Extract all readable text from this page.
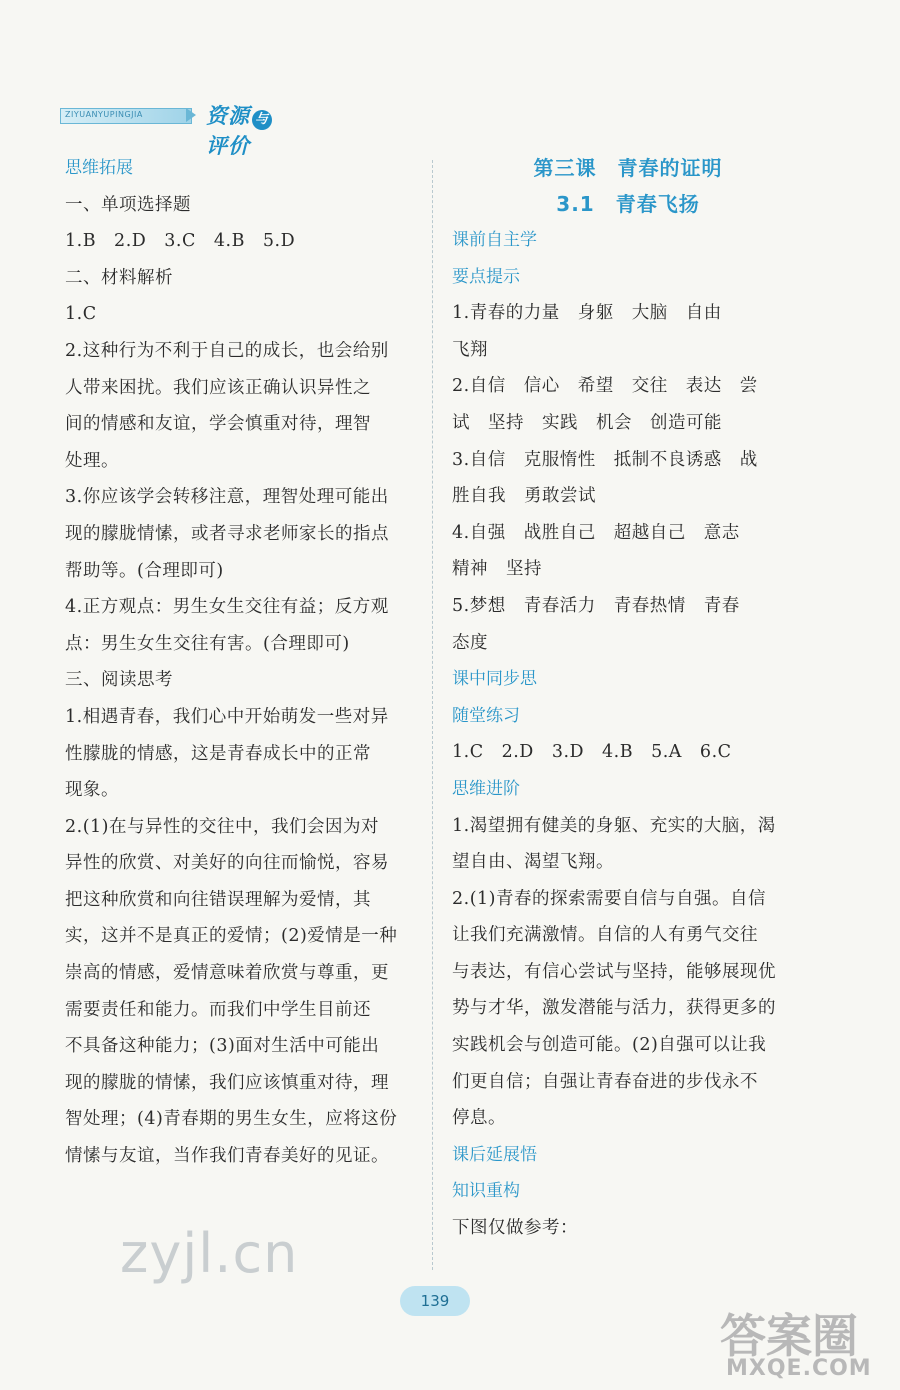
ZIYUANYUPINGJIA	资源 与评价
思维拓展
一、单项选择题
1.B　2.D　3.C　4.B　5.D
二、材料解析
1.C
2.这种行为不利于自己的成长，也会给别
人带来困扰。我们应该正确认识异性之
间的情感和友谊，学会慎重对待，理智
处理。
3.你应该学会转移注意，理智处理可能出
现的朦胧情愫，或者寻求老师家长的指点
帮助等。(合理即可)
4.正方观点：男生女生交往有益；反方观
点：男生女生交往有害。(合理即可)
三、阅读思考
1.相遇青春，我们心中开始萌发一些对异
性朦胧的情感，这是青春成长中的正常
现象。
2.(1)在与异性的交往中，我们会因为对
异性的欣赏、对美好的向往而愉悦，容易
把这种欣赏和向往错误理解为爱情，其
实，这并不是真正的爱情；(2)爱情是一种
崇高的情感，爱情意味着欣赏与尊重，更
需要责任和能力。而我们中学生目前还
不具备这种能力；(3)面对生活中可能出
现的朦胧的情愫，我们应该慎重对待，理
智处理；(4)青春期的男生女生，应将这份
情愫与友谊，当作我们青春美好的见证。
第三课　青春的证明
3.1　青春飞扬
课前自主学
要点提示
1.青春的力量　身躯　大脑　自由
飞翔
2.自信　信心　希望　交往　表达　尝
试　坚持　实践　机会　创造可能
3.自信　克服惰性　抵制不良诱惑　战
胜自我　勇敢尝试
4.自强　战胜自己　超越自己　意志
精神　坚持
5.梦想　青春活力　青春热情　青春
态度
课中同步思
随堂练习
1.C　2.D　3.D　4.B　5.A　6.C
思维进阶
1.渴望拥有健美的身躯、充实的大脑，渴
望自由、渴望飞翔。
2.(1)青春的探索需要自信与自强。自信
让我们充满激情。自信的人有勇气交往
与表达，有信心尝试与坚持，能够展现优
势与才华，激发潜能与活力，获得更多的
实践机会与创造可能。(2)自强可以让我
们更自信；自强让青春奋进的步伐永不
停息。
课后延展悟
知识重构
下图仅做参考：
zyjl.cn
139
答案圈
MXQE.COM
